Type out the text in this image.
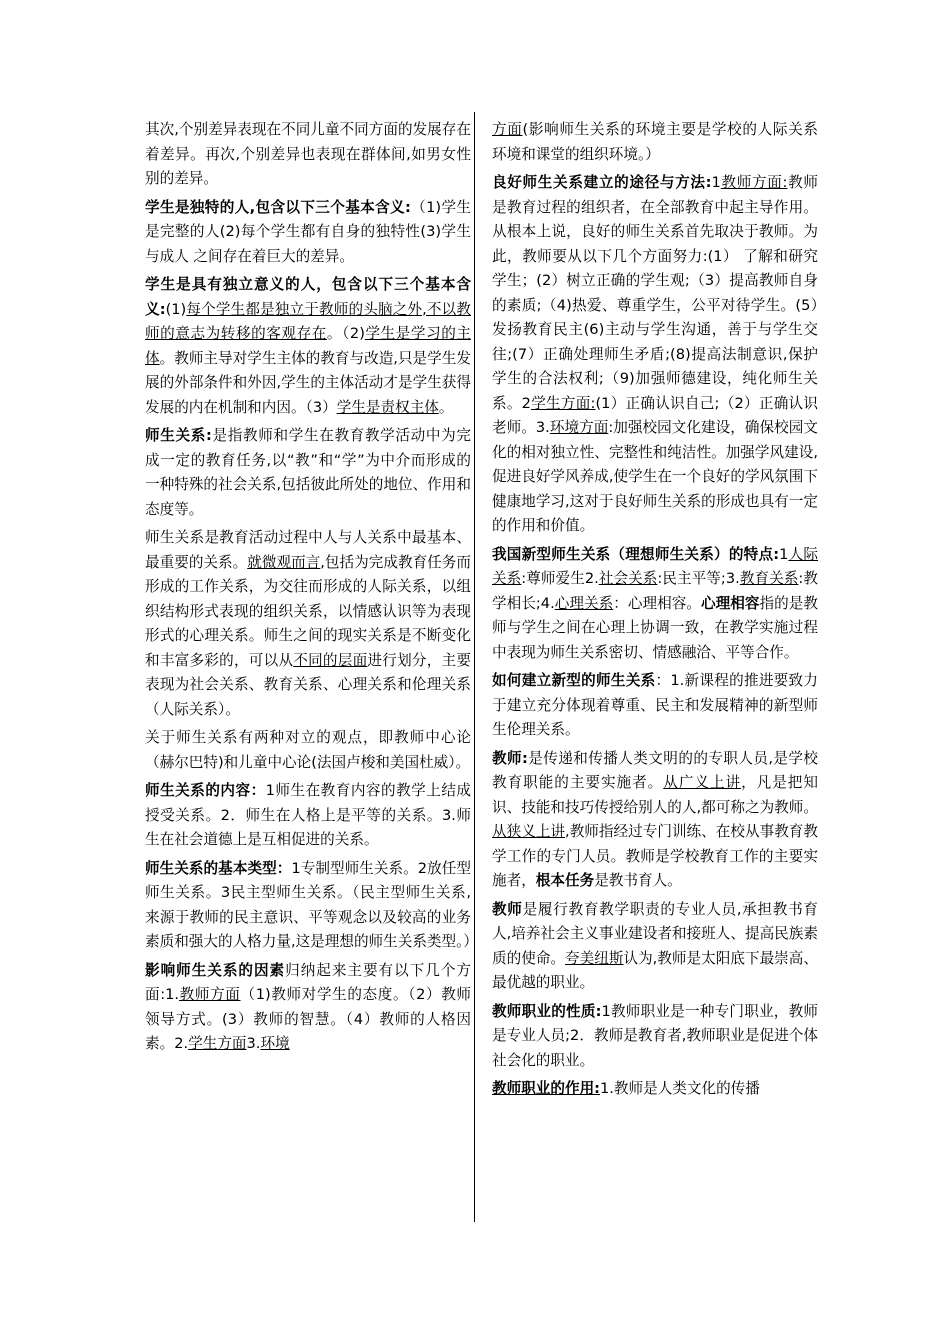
其次,个别差异表现在不同儿童不同方面的发展存在着差异。再次,个别差异也表现在群体间,如男女性别的差异。

学生是独特的人,包含以下三个基本含义:（1)学生是完整的人(2)每个学生都有自身的独特性(3)学生与成人 之间存在着巨大的差异。

学生是具有独立意义的人，包含以下三个基本含义:(1)每个学生都是独立于教师的头脑之外,不以教师的意志为转移的客观存在。（2)学生是学习的主体。教师主导对学生主体的教育与改造,只是学生发展的外部条件和外因,学生的主体活动才是学生获得发展的内在机制和内因。（3）学生是责权主体。

师生关系:是指教师和学生在教育教学活动中为完成一定的教育任务,以“教”和“学”为中介而形成的一种特殊的社会关系,包括彼此所处的地位、作用和态度等。

师生关系是教育活动过程中人与人关系中最基本、最重要的关系。就微观而言,包括为完成教育任务而形成的工作关系，为交往而形成的人际关系，以组织结构形式表现的组织关系，以情感认识等为表现形式的心理关系。师生之间的现实关系是不断变化和丰富多彩的，可以从不同的层面进行划分，主要表现为社会关系、教育关系、心理关系和伦理关系（人际关系）。

关于师生关系有两种对立的观点，即教师中心论（赫尔巴特)和儿童中心论(法国卢梭和美国杜威）。

师生关系的内容：1师生在教育内容的教学上结成授受关系。2．师生在人格上是平等的关系。3.师生在社会道德上是互相促进的关系。

师生关系的基本类型：1专制型师生关系。2放任型师生关系。3民主型师生关系。（民主型师生关系,来源于教师的民主意识、平等观念以及较高的业务素质和强大的人格力量,这是理想的师生关系类型。）

影响师生关系的因素归纳起来主要有以下几个方面:1.教师方面（1)教师对学生的态度。（2）教师领导方式。(3）教师的智慧。（4）教师的人格因素。2.学生方面3.环境

方面(影响师生关系的环境主要是学校的人际关系环境和课堂的组织环境。）

良好师生关系建立的途径与方法:1教师方面:教师是教育过程的组织者，在全部教育中起主导作用。从根本上说，良好的师生关系首先取决于教师。为此，教师要从以下几个方面努力:(1） 了解和研究学生；(2）树立正确的学生观;（3）提高教师自身的素质;（4)热爱、尊重学生，公平对待学生。(5）发扬教育民主(6)主动与学生沟通，善于与学生交往;(7）正确处理师生矛盾;(8)提高法制意识,保护学生的合法权利;（9)加强师德建设，纯化师生关系。2学生方面:(1）正确认识自己;（2）正确认识老师。3.环境方面:加强校园文化建设，确保校园文化的相对独立性、完整性和纯洁性。加强学风建设,促进良好学风养成,使学生在一个良好的学风氛围下健康地学习,这对于良好师生关系的形成也具有一定的作用和价值。

我国新型师生关系（理想师生关系）的特点:1人际关系:尊师爱生2.社会关系:民主平等;3.教育关系:教学相长;4.心理关系：心理相容。心理相容指的是教师与学生之间在心理上协调一致，在教学实施过程中表现为师生关系密切、情感融洽、平等合作。

如何建立新型的师生关系：1.新课程的推进要致力于建立充分体现着尊重、民主和发展精神的新型师生伦理关系。

教师:是传递和传播人类文明的的专职人员,是学校教育职能的主要实施者。从广义上讲，凡是把知识、技能和技巧传授给别人的人,都可称之为教师。从狭义上讲,教师指经过专门训练、在校从事教育教学工作的专门人员。教师是学校教育工作的主要实施者，根本任务是教书育人。

教师是履行教育教学职责的专业人员,承担教书育人,培养社会主义事业建设者和接班人、提高民族素质的使命。夸美纽斯认为,教师是太阳底下最崇高、最优越的职业。

教师职业的性质:1教师职业是一种专门职业，教师是专业人员;2．教师是教育者,教师职业是促进个体社会化的职业。

教师职业的作用:1.教师是人类文化的传播
